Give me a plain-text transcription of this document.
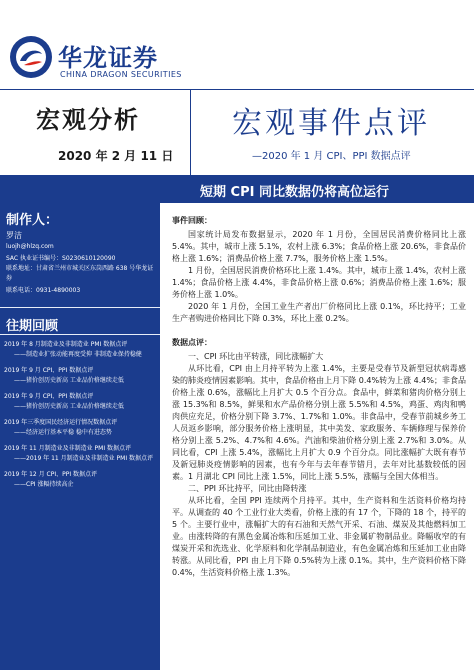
华龙证券
CHINA DRAGON SECURITIES
宏观分析
2020 年 2 月 11 日
宏观事件点评
—2020 年 1 月 CPI、PPI 数据点评
短期 CPI 同比数据仍将高位运行
制作人：
罗洁
luojh@hlzq.com
SAC 执业证书编号：S0230610120090
联系地址：甘肃省兰州市城关区东岗西路 638 号华龙证券
联系电话：0931-4890003
往期回顾
2019 年 8 月制造业及非制造业 PMI 数据点评
——制造业扩张动能再度受抑 非制造业保持稳健
2019 年 9 月 CPI、PPI 数据点评
——猪价创历史新高 工业品价格继续走低
2019 年 9 月 CPI、PPI 数据点评
——猪价创历史新高 工业品价格继续走低
2019 年三季度国民经济运行情况数据点评
——经济运行基本平稳 稳中有进态势
2019 年 11 月制造业及非制造业 PMI 数据点评
——2019 年 11 月制造业及非制造业 PMI 数据点评
2019 年 12 月 CPI、PPI 数据点评
——CPI 涨幅持续高企
事件回顾：

国家统计局发布数据显示，2020 年 1 月份，全国居民消费价格同比上涨 5.4%。其中，城市上涨 5.1%，农村上涨 6.3%；食品价格上涨 20.6%，非食品价格上涨 1.6%；消费品价格上涨 7.7%，服务价格上涨 1.5%。

1 月份，全国居民消费价格环比上涨 1.4%。其中，城市上涨 1.4%，农村上涨 1.4%；食品价格上涨 4.4%，非食品价格上涨 0.6%；消费品价格上涨 1.6%；服务价格上涨 1.0%。

2020 年 1 月份，全国工业生产者出厂价格同比上涨 0.1%，环比持平；工业生产者购进价格同比下降 0.3%，环比上涨 0.2%。

数据点评：

一、CPI 环比由平转涨，同比涨幅扩大

从环比看，CPI 由上月持平转为上涨 1.4%，主要是受春节及新型冠状病毒感染的肺炎疫情因素影响。其中，食品价格由上月下降 0.4%转为上涨 4.4%；非食品价格上涨 0.6%，涨幅比上月扩大 0.5 个百分点。食品中，鲜菜和猪肉价格分别上涨 15.3%和 8.5%，鲜果和水产品价格分别上涨 5.5%和 4.5%，鸡蛋、鸡肉和鸭肉供应充足，价格分别下降 3.7%、1.7%和 1.0%。非食品中，受春节前城乡务工人员返乡影响，部分服务价格上涨明显，其中美发、家政服务、车辆修理与保养价格分别上涨 5.2%、4.7%和 4.6%。汽油和柴油价格分别上涨 2.7%和 3.0%。从同比看，CPI 上涨 5.4%，涨幅比上月扩大 0.9 个百分点。同比涨幅扩大既有春节及新冠肺炎疫情影响的因素，也有今年与去年春节错月，去年对比基数较低的因素。1 月湖北 CPI 同比上涨 1.5%，同比上涨 5.5%，涨幅与全国大体相当。

二、PPI 环比持平，同比由降转涨

从环比看，全国 PPI 连续两个月持平。其中，生产资料和生活资料价格均持平。从调查的 40 个工业行业大类看，价格上涨的有 17 个，下降的 18 个，持平的 5 个。主要行业中，涨幅扩大的有石油和天然气开采、石油、煤炭及其他燃料加工业。由涨转降的有黑色金属冶炼和压延加工业、非金属矿物制品业。降幅收窄的有煤炭开采和洗选业、化学原料和化学制品制造业，有色金属冶炼和压延加工业由降转涨。从同比看，PPI 由上月下降 0.5%转为上涨 0.1%。其中，生产资料价格下降 0.4%，生活资料价格上涨 1.3%。
